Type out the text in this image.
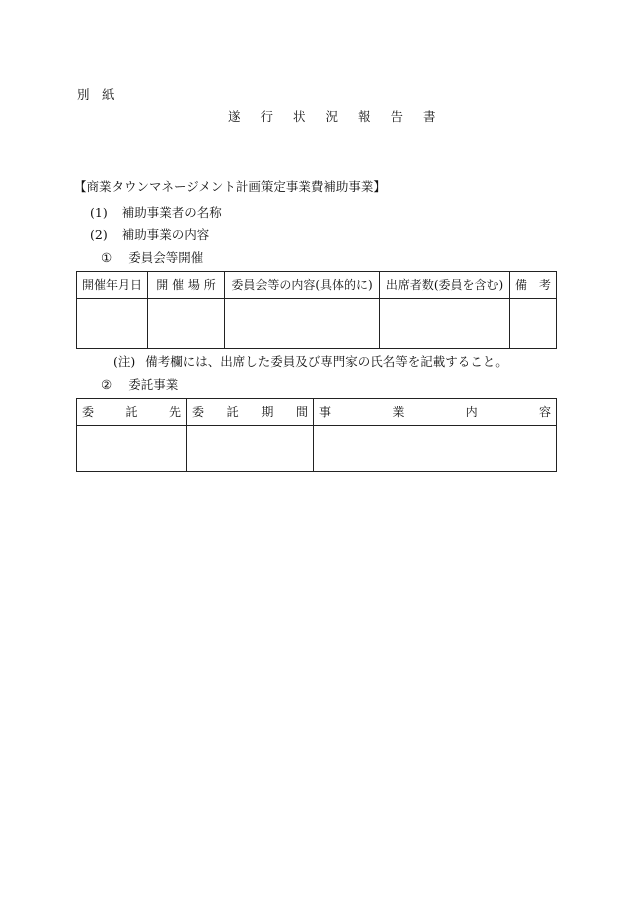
別　紙
遂行状況報告書
【商業タウンマネージメント計画策定事業費補助事業】
(1) 補助事業者の名称
(2) 補助事業の内容
① 委員会等開催
開催年月日	開 催 場 所	委員会等の内容(具体的に)	出席者数(委員を含む)	備　考

(注) 備考欄には、出席した委員及び専門家の氏名等を記載すること。
② 委託事業
委 託 先	委 託 期 間	事 業 内 容
